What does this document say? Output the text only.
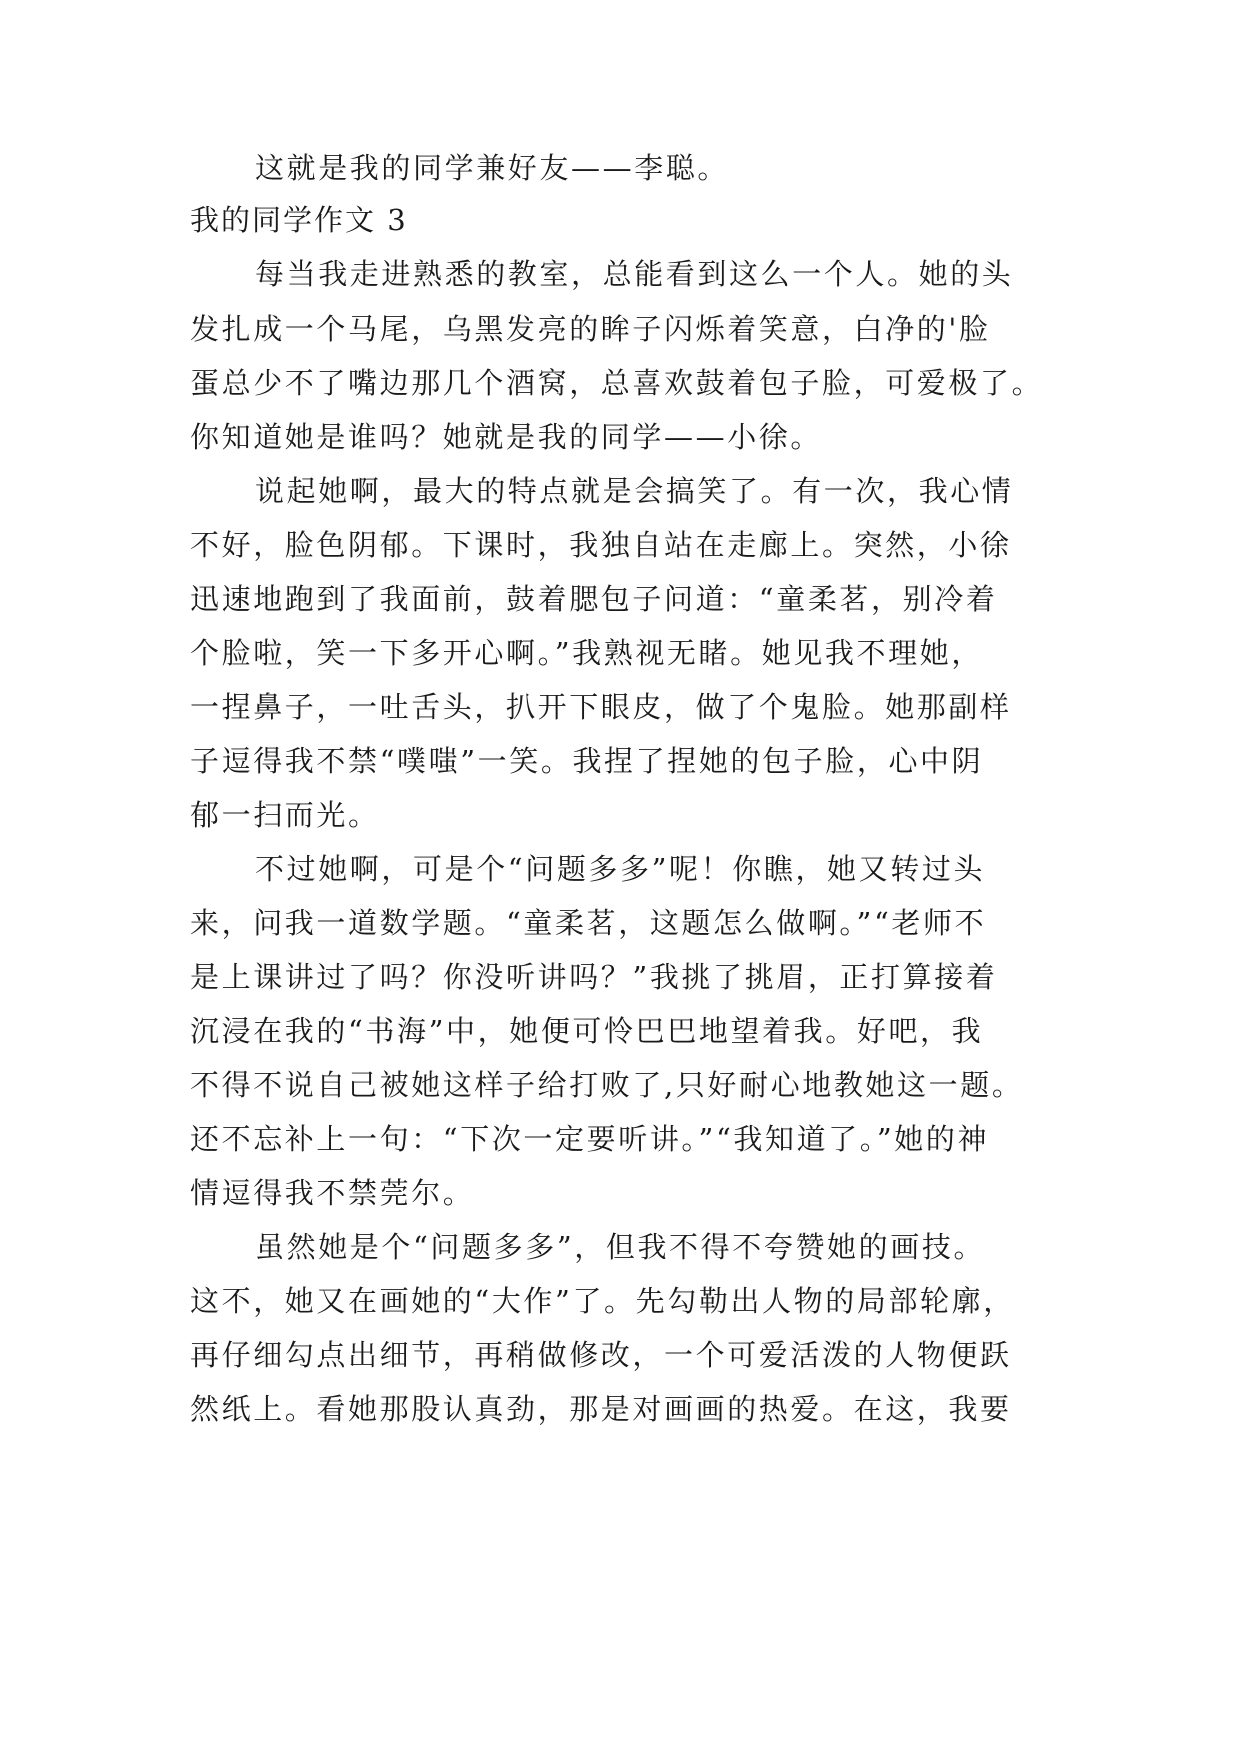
这就是我的同学兼好友——李聪。
我的同学作文 3
每当我走进熟悉的教室，总能看到这么一个人。她的头
发扎成一个马尾，乌黑发亮的眸子闪烁着笑意，白净的'脸
蛋总少不了嘴边那几个酒窝，总喜欢鼓着包子脸，可爱极了。
你知道她是谁吗？她就是我的同学——小徐。
说起她啊，最大的特点就是会搞笑了。有一次，我心情
不好，脸色阴郁。下课时，我独自站在走廊上。突然，小徐
迅速地跑到了我面前，鼓着腮包子问道：“童柔茗，别冷着
个脸啦，笑一下多开心啊。”我熟视无睹。她见我不理她，
一捏鼻子，一吐舌头，扒开下眼皮，做了个鬼脸。她那副样
子逗得我不禁“噗嗤”一笑。我捏了捏她的包子脸，心中阴
郁一扫而光。
不过她啊，可是个“问题多多”呢！你瞧，她又转过头
来，问我一道数学题。“童柔茗，这题怎么做啊。”“老师不
是上课讲过了吗？你没听讲吗？”我挑了挑眉，正打算接着
沉浸在我的“书海”中，她便可怜巴巴地望着我。好吧，我
不得不说自己被她这样子给打败了,只好耐心地教她这一题。
还不忘补上一句：“下次一定要听讲。”“我知道了。”她的神
情逗得我不禁莞尔。
虽然她是个“问题多多”，但我不得不夸赞她的画技。
这不，她又在画她的“大作”了。先勾勒出人物的局部轮廓，
再仔细勾点出细节，再稍做修改，一个可爱活泼的人物便跃
然纸上。看她那股认真劲，那是对画画的热爱。在这，我要
